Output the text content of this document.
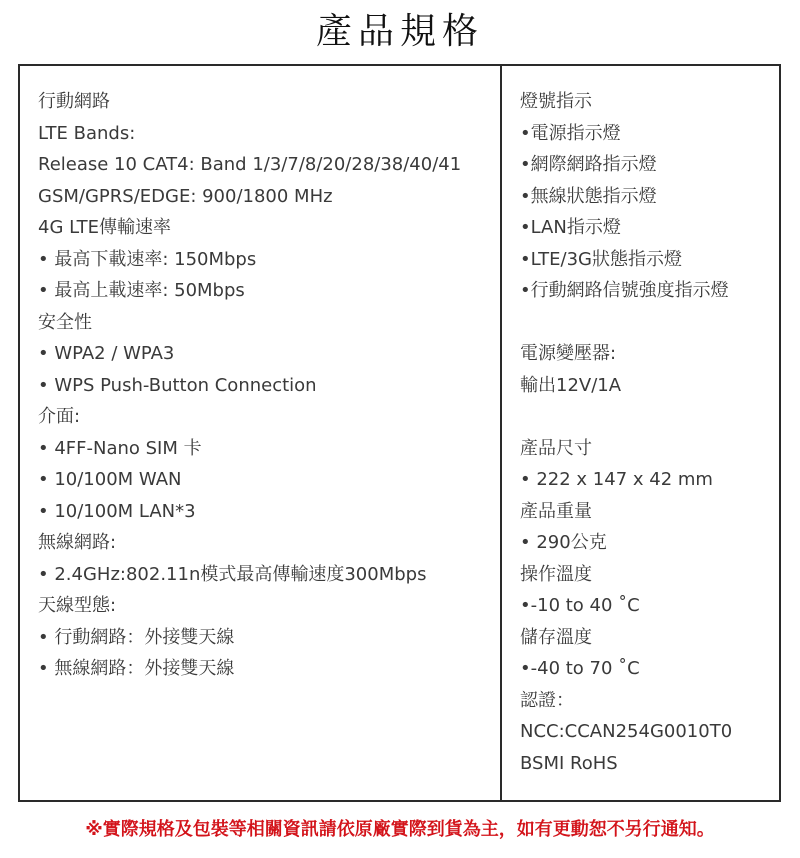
產品規格
行動網路
LTE Bands:
Release 10 CAT4: Band 1/3/7/8/20/28/38/40/41
GSM/GPRS/EDGE: 900/1800 MHz
4G LTE傳輸速率
• 最高下載速率: 150Mbps
• 最高上載速率: 50Mbps
安全性
• WPA2 / WPA3
• WPS Push-Button Connection
介面:
• 4FF-Nano SIM 卡
• 10/100M WAN
• 10/100M LAN*3
無線網路:
• 2.4GHz:802.11n模式最高傳輸速度300Mbps
天線型態:
• 行動網路：外接雙天線
• 無線網路：外接雙天線
燈號指示
•電源指示燈
•網際網路指示燈
•無線狀態指示燈
•LAN指示燈
•LTE/3G狀態指示燈
•行動網路信號強度指示燈
電源變壓器:
輸出12V/1A
產品尺寸
• 222 x 147 x 42 mm
產品重量
• 290公克
操作溫度
•-10 to 40 ˚C
儲存溫度
•-40 to 70 ˚C
認證：
NCC:CCAN254G0010T0
BSMI RoHS
※實際規格及包裝等相關資訊請依原廠實際到貨為主，如有更動恕不另行通知。
